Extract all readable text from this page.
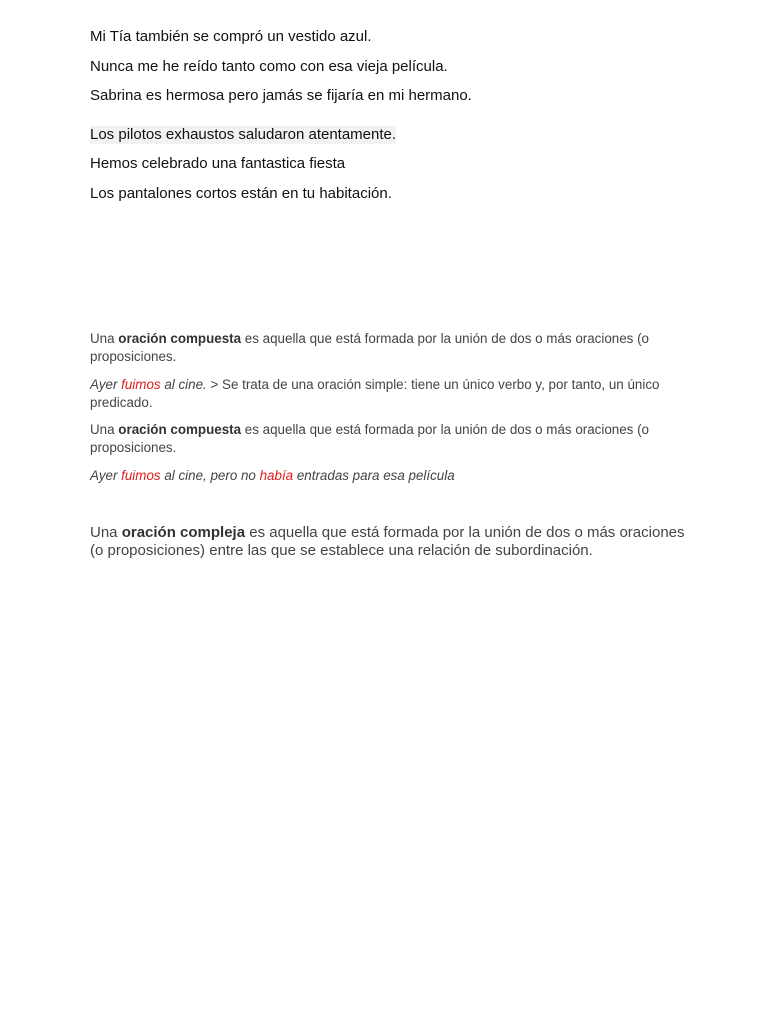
Mi Tía también se compró un vestido azul.
Nunca me he reído tanto como con esa vieja película.
Sabrina es hermosa pero jamás se fijaría en mi hermano.
Los pilotos exhaustos saludaron atentamente.
Hemos celebrado una fantastica fiesta
Los pantalones cortos están en tu habitación.
Una oración compuesta es aquella que está formada por la unión de dos o más oraciones (o proposiciones.
Ayer fuimos al cine. > Se trata de una oración simple: tiene un único verbo y, por tanto, un único predicado.
Una oración compuesta es aquella que está formada por la unión de dos o más oraciones (o proposiciones.
Ayer fuimos al cine, pero no había entradas para esa película
Una oración compleja es aquella que está formada por la unión de dos o más oraciones (o proposiciones) entre las que se establece una relación de subordinación.
